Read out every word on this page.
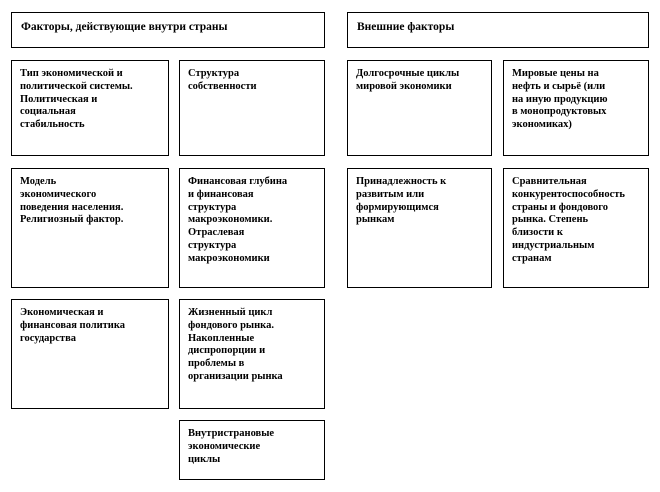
Факторы, действующие внутри страны	Внешние факторы
Тип экономической и
политической системы.
Политическая и
социальная
стабильность
Модель
экономического
поведения населения.
Религиозный фактор.
Экономическая и
финансовая политика
государства
Структура
собственности
Финансовая глубина
и финансовая
структура
макроэкономики.
Отраслевая
структура
макроэкономики
Жизненный цикл
фондового рынка.
Накопленные
диспропорции и
проблемы в
организации рынка
Внутристрановые
экономические
циклы
Долгосрочные циклы
мировой экономики
Принадлежность к
развитым или
формирующимся
рынкам
Мировые цены на
нефть и сырьё (или
на иную продукцию
в монопродуктовых
экономиках)
Сравнительная
конкурентоспособность
страны и фондового
рынка. Степень
близости к
индустриальным
странам
